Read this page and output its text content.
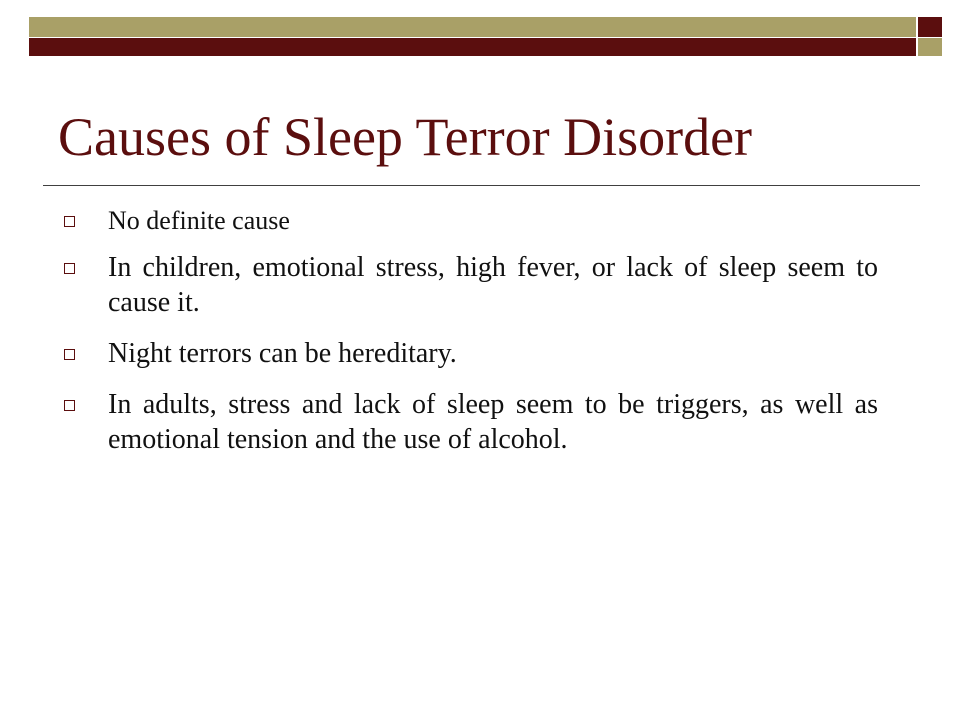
Causes of Sleep Terror Disorder
No definite cause
In children, emotional stress, high fever, or lack of sleep seem to cause it.
Night terrors can be hereditary.
In adults, stress and lack of sleep seem to be triggers, as well as emotional tension and the use of alcohol.
